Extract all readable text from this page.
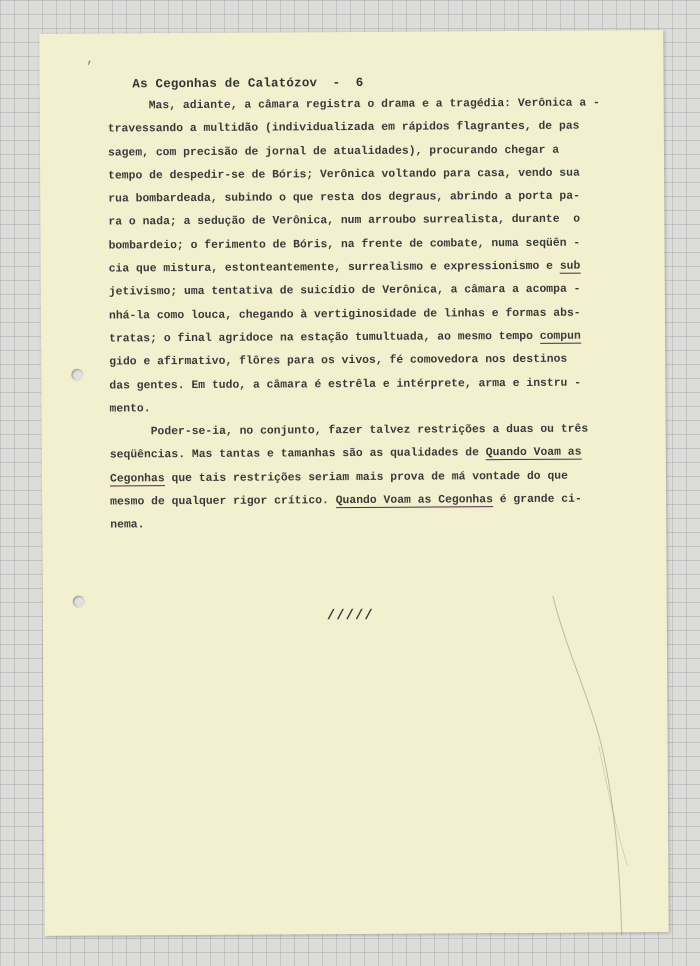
,

As Cegonhas de Calatózov  -  6

Mas, adiante, a câmara registra o drama e a tragédia: Verônica a -
travessando a multidão (individualizada em rápidos flagrantes, de pas
sagem, com precisão de jornal de atualidades), procurando chegar a
tempo de despedir-se de Bóris; Verônica voltando para casa, vendo sua
rua bombardeada, subindo o que resta dos degraus, abrindo a porta pa-
ra o nada; a sedução de Verônica, num arroubo surrealista, durante  o
bombardeio; o ferimento de Bóris, na frente de combate, numa seqüên -
cia que mistura, estonteantemente, surrealismo e expressionismo e sub
jetivismo; uma tentativa de suicídio de Verônica, a câmara a acompa -
nhá-la como louca, chegando à vertiginosidade de linhas e formas abs-
tratas; o final agridoce na estação tumultuada, ao mesmo tempo compun
gido e afirmativo, flôres para os vivos, fé comovedora nos destinos
das gentes. Em tudo, a câmara é estrêla e intérprete, arma e instru -
mento.
Poder-se-ia, no conjunto, fazer talvez restrições a duas ou três
seqüências. Mas tantas e tamanhas são as qualidades de Quando Voam as
Cegonhas que tais restrições seriam mais prova de má vontade do que
mesmo de qualquer rigor crítico. Quando Voam as Cegonhas é grande ci-
nema.
/////
